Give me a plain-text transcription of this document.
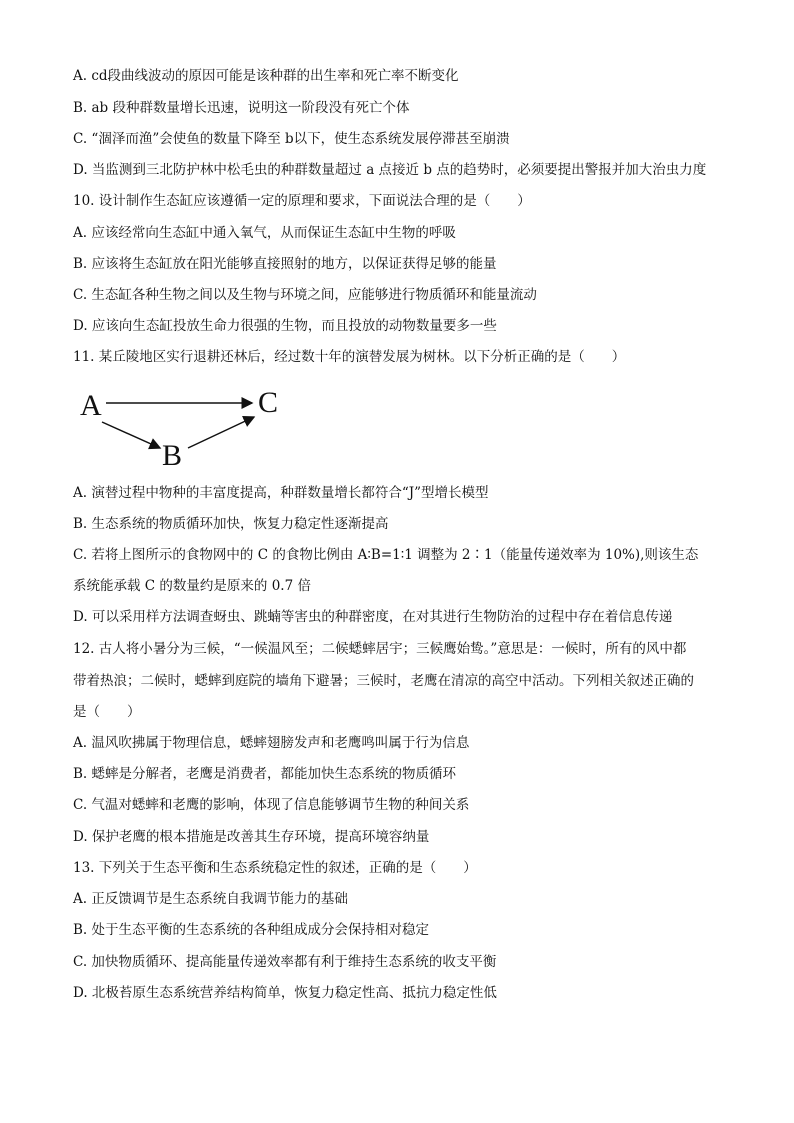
A. cd段曲线波动的原因可能是该种群的出生率和死亡率不断变化
B. ab 段种群数量增长迅速，说明这一阶段没有死亡个体
C. “涸泽而渔”会使鱼的数量下降至 b以下，使生态系统发展停滞甚至崩溃
D. 当监测到三北防护林中松毛虫的种群数量超过 a 点接近 b 点的趋势时，必须要提出警报并加大治虫力度
10. 设计制作生态缸应该遵循一定的原理和要求，下面说法合理的是（　　）
A. 应该经常向生态缸中通入氧气，从而保证生态缸中生物的呼吸
B. 应该将生态缸放在阳光能够直接照射的地方，以保证获得足够的能量
C. 生态缸各种生物之间以及生物与环境之间，应能够进行物质循环和能量流动
D. 应该向生态缸投放生命力很强的生物，而且投放的动物数量要多一些
11. 某丘陵地区实行退耕还林后，经过数十年的演替发展为树林。以下分析正确的是（　　）
A	C
B
A. 演替过程中物种的丰富度提高，种群数量增长都符合“J”型增长模型
B. 生态系统的物质循环加快，恢复力稳定性逐渐提高
C. 若将上图所示的食物网中的 C 的食物比例由 A∶B=1∶1 调整为 2∶1（能量传递效率为 10%),则该生态
系统能承载 C 的数量约是原来的 0.7 倍
D. 可以采用样方法调查蚜虫、跳蝻等害虫的种群密度，在对其进行生物防治的过程中存在着信息传递
12. 古人将小暑分为三候，“一候温风至；二候蟋蟀居宇；三候鹰始鸷。”意思是：一候时，所有的风中都
带着热浪；二候时，蟋蟀到庭院的墙角下避暑；三候时，老鹰在清凉的高空中活动。下列相关叙述正确的
是（　　）
A. 温风吹拂属于物理信息，蟋蟀翅膀发声和老鹰鸣叫属于行为信息
B. 蟋蟀是分解者，老鹰是消费者，都能加快生态系统的物质循环
C. 气温对蟋蟀和老鹰的影响，体现了信息能够调节生物的种间关系
D. 保护老鹰的根本措施是改善其生存环境，提高环境容纳量
13. 下列关于生态平衡和生态系统稳定性的叙述，正确的是（　　）
A. 正反馈调节是生态系统自我调节能力的基础
B. 处于生态平衡的生态系统的各种组成成分会保持相对稳定
C. 加快物质循环、提高能量传递效率都有利于维持生态系统的收支平衡
D. 北极苔原生态系统营养结构简单，恢复力稳定性高、抵抗力稳定性低
